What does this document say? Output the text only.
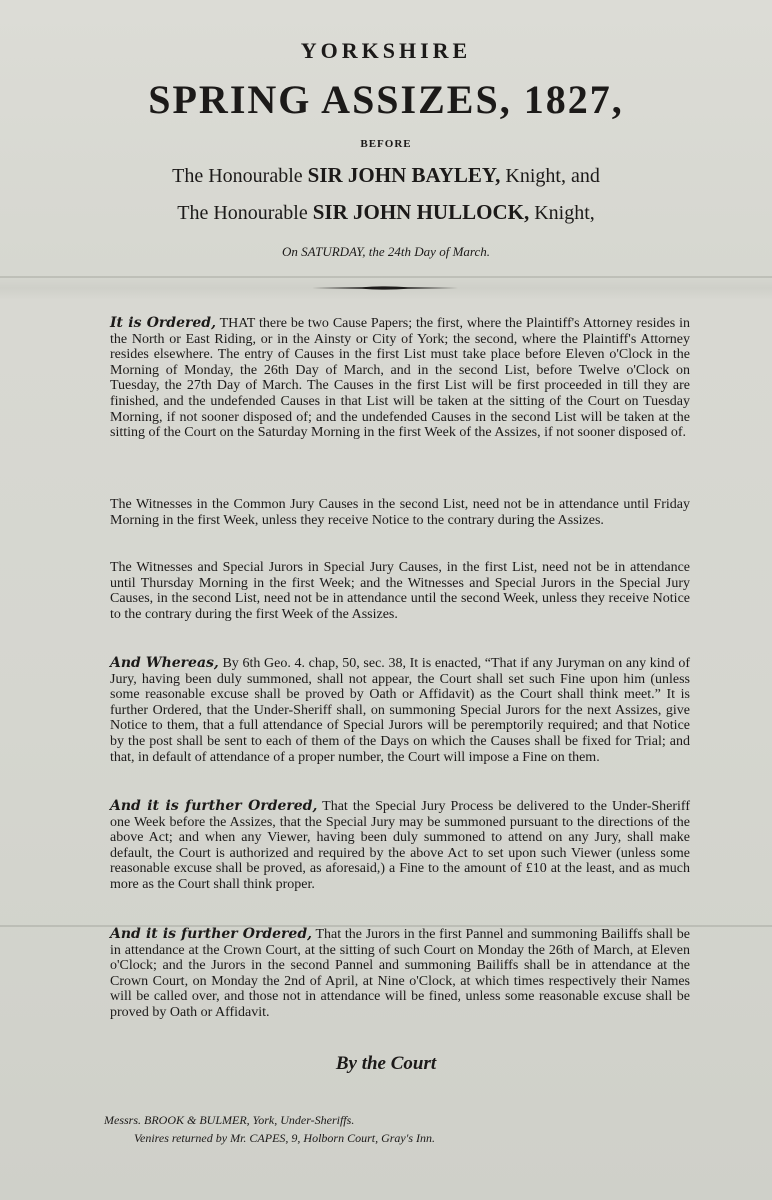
YORKSHIRE
SPRING ASSIZES, 1827,
BEFORE
The Honourable SIR JOHN BAYLEY, Knight, and
The Honourable SIR JOHN HULLOCK, Knight,
On SATURDAY, the 24th Day of March.
It is Ordered, THAT there be two Cause Papers; the first, where the Plaintiff's Attorney resides in the North or East Riding, or in the Ainsty or City of York; the second, where the Plaintiff's Attorney resides elsewhere. The entry of Causes in the first List must take place before Eleven o'Clock in the Morning of Monday, the 26th Day of March, and in the second List, before Twelve o'Clock on Tuesday, the 27th Day of March. The Causes in the first List will be first proceeded in till they are finished, and the undefended Causes in that List will be taken at the sitting of the Court on Tuesday Morning, if not sooner disposed of; and the undefended Causes in the second List will be taken at the sitting of the Court on the Saturday Morning in the first Week of the Assizes, if not sooner disposed of.
The Witnesses in the Common Jury Causes in the second List, need not be in attendance until Friday Morning in the first Week, unless they receive Notice to the contrary during the Assizes.
The Witnesses and Special Jurors in Special Jury Causes, in the first List, need not be in attendance until Thursday Morning in the first Week; and the Witnesses and Special Jurors in the Special Jury Causes, in the second List, need not be in attendance until the second Week, unless they receive Notice to the contrary during the first Week of the Assizes.
And Whereas, By 6th Geo. 4. chap, 50, sec. 38, It is enacted, “That if any Juryman on any kind of Jury, having been duly summoned, shall not appear, the Court shall set such Fine upon him (unless some reasonable excuse shall be proved by Oath or Affidavit) as the Court shall think meet.” It is further Ordered, that the Under-Sheriff shall, on summoning Special Jurors for the next Assizes, give Notice to them, that a full attendance of Special Jurors will be peremptorily required; and that Notice by the post shall be sent to each of them of the Days on which the Causes shall be fixed for Trial; and that, in default of attendance of a proper number, the Court will impose a Fine on them.
And it is further Ordered, That the Special Jury Process be delivered to the Under-Sheriff one Week before the Assizes, that the Special Jury may be summoned pursuant to the directions of the above Act; and when any Viewer, having been duly summoned to attend on any Jury, shall make default, the Court is authorized and required by the above Act to set upon such Viewer (unless some reasonable excuse shall be proved, as aforesaid,) a Fine to the amount of £10 at the least, and as much more as the Court shall think proper.
And it is further Ordered, That the Jurors in the first Pannel and summoning Bailiffs shall be in attendance at the Crown Court, at the sitting of such Court on Monday the 26th of March, at Eleven o'Clock; and the Jurors in the second Pannel and summoning Bailiffs shall be in attendance at the Crown Court, on Monday the 2nd of April, at Nine o'Clock, at which times respectively their Names will be called over, and those not in attendance will be fined, unless some reasonable excuse shall be proved by Oath or Affidavit.
By the Court
Messrs. BROOK & BULMER, York, Under-Sheriffs.
Venires returned by Mr. CAPES, 9, Holborn Court, Gray's Inn.
